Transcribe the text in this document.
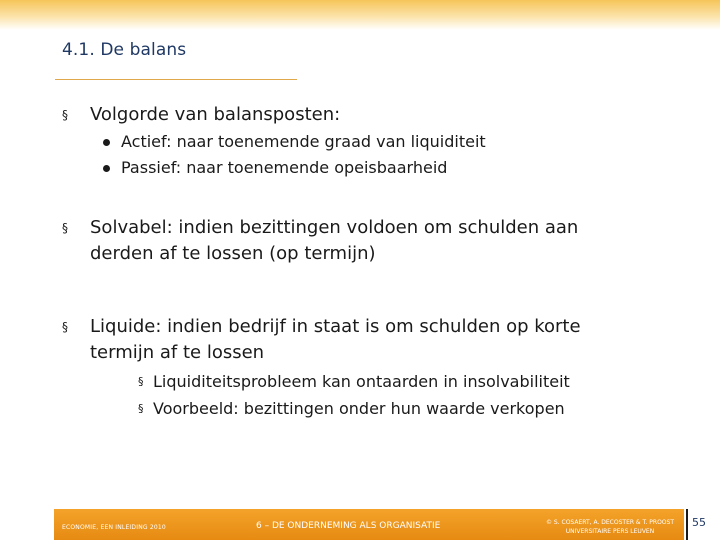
4.1. De balans
§	Volgorde van balansposten:
Actief: naar toenemende graad van liquiditeit
Passief: naar toenemende opeisbaarheid
§	Solvabel: indien bezittingen voldoen om schulden aan
derden af te lossen (op termijn)
§	Liquide: indien bedrijf in staat is om schulden op korte
termijn af te lossen
§ Liquiditeitsprobleem kan ontaarden in insolvabiliteit
§ Voorbeeld: bezittingen onder hun waarde verkopen
ECONOMIE, EEN INLEIDING 2010	6 – DE ONDERNEMING ALS ORGANISATIE	© S. COSAERT, A. DECOSTER & T. PROOST
UNIVERSITAIRE PERS LEUVEN
55
